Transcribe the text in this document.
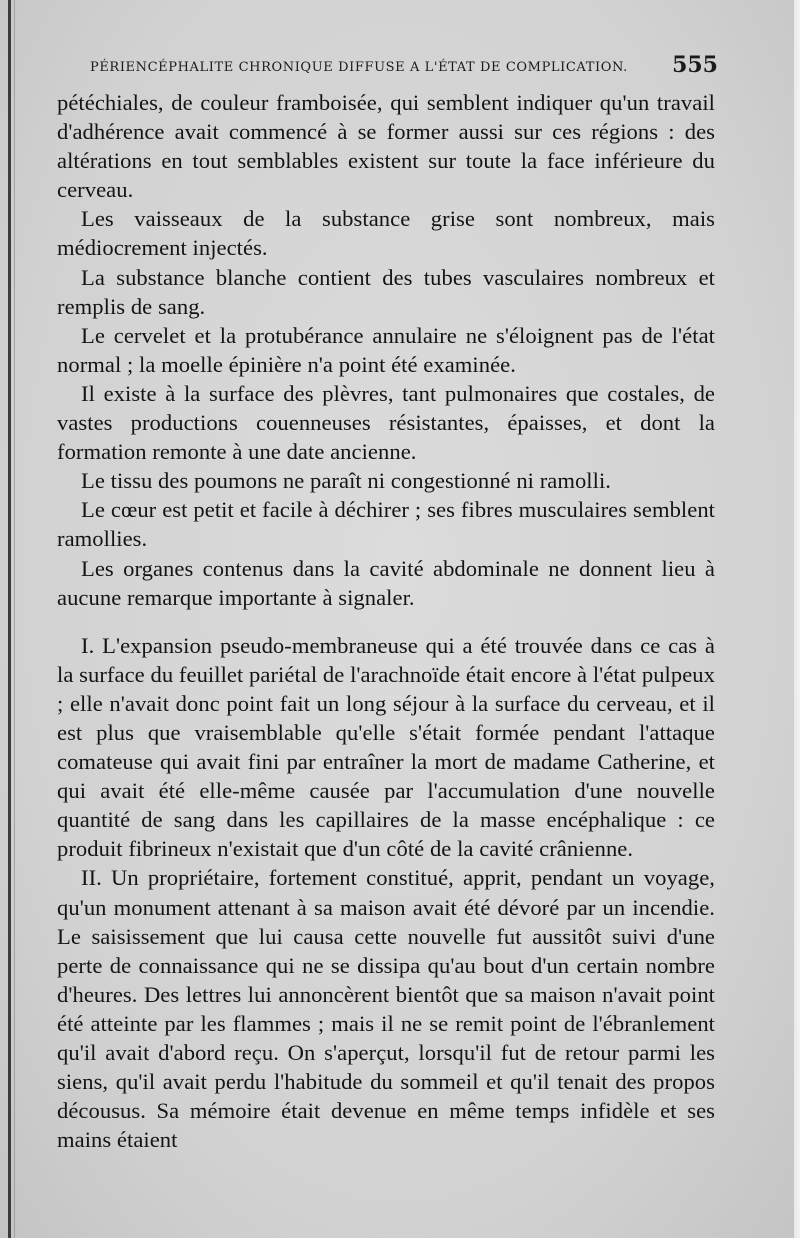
PÉRIENCÉPHALITE CHRONIQUE DIFFUSE A L'ÉTAT DE COMPLICATION. 555

pétéchiales, de couleur framboisée, qui semblent indiquer qu'un travail d'adhérence avait commencé à se former aussi sur ces régions : des altérations en tout semblables existent sur toute la face inférieure du cerveau.

Les vaisseaux de la substance grise sont nombreux, mais médiocrement injectés.

La substance blanche contient des tubes vasculaires nombreux et remplis de sang.

Le cervelet et la protubérance annulaire ne s'éloignent pas de l'état normal ; la moelle épinière n'a point été examinée.

Il existe à la surface des plèvres, tant pulmonaires que costales, de vastes productions couenneuses résistantes, épaisses, et dont la formation remonte à une date ancienne.

Le tissu des poumons ne paraît ni congestionné ni ramolli.

Le cœur est petit et facile à déchirer ; ses fibres musculaires semblent ramollies.

Les organes contenus dans la cavité abdominale ne donnent lieu à aucune remarque importante à signaler.

I. L'expansion pseudo-membraneuse qui a été trouvée dans ce cas à la surface du feuillet pariétal de l'arachnoïde était encore à l'état pulpeux ; elle n'avait donc point fait un long séjour à la surface du cerveau, et il est plus que vraisemblable qu'elle s'était formée pendant l'attaque comateuse qui avait fini par entraîner la mort de madame Catherine, et qui avait été elle-même causée par l'accumulation d'une nouvelle quantité de sang dans les capillaires de la masse encéphalique : ce produit fibrineux n'existait que d'un côté de la cavité crânienne.

II. Un propriétaire, fortement constitué, apprit, pendant un voyage, qu'un monument attenant à sa maison avait été dévoré par un incendie. Le saisissement que lui causa cette nouvelle fut aussitôt suivi d'une perte de connaissance qui ne se dissipa qu'au bout d'un certain nombre d'heures. Des lettres lui annoncèrent bientôt que sa maison n'avait point été atteinte par les flammes ; mais il ne se remit point de l'ébranlement qu'il avait d'abord reçu. On s'aperçut, lorsqu'il fut de retour parmi les siens, qu'il avait perdu l'habitude du sommeil et qu'il tenait des propos décousus. Sa mémoire était devenue en même temps infidèle et ses mains étaient
